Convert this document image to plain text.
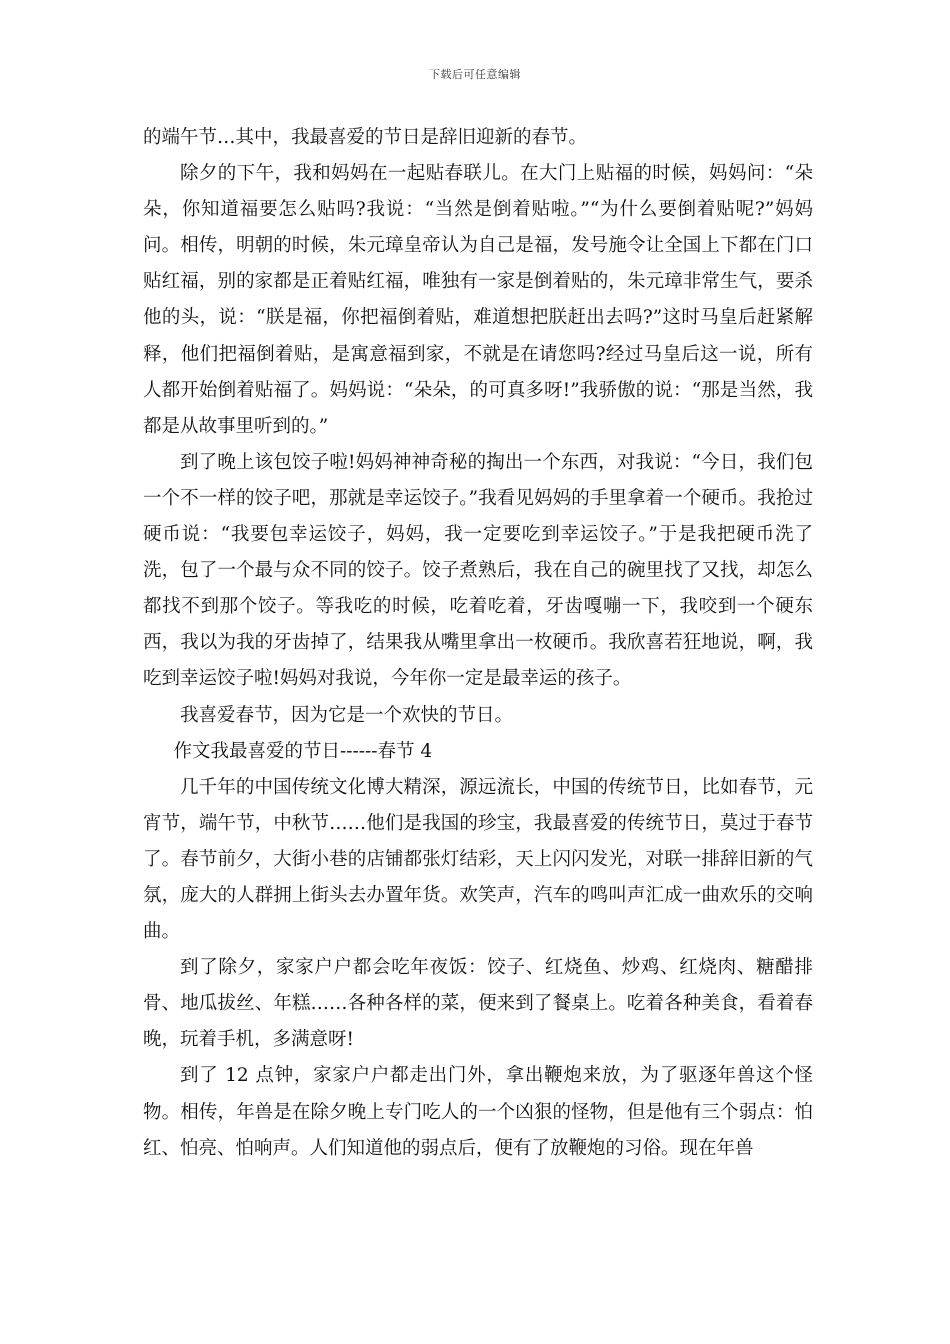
下载后可任意编辑

的端午节…其中，我最喜爱的节日是辞旧迎新的春节。

除夕的下午，我和妈妈在一起贴春联儿。在大门上贴福的时候，妈妈问：“朵朵，你知道福要怎么贴吗?我说：“当然是倒着贴啦。”“为什么要倒着贴呢?”妈妈问。相传，明朝的时候，朱元璋皇帝认为自己是福，发号施令让全国上下都在门口贴红福，别的家都是正着贴红福，唯独有一家是倒着贴的，朱元璋非常生气，要杀他的头，说：“朕是福，你把福倒着贴，难道想把朕赶出去吗?”这时马皇后赶紧解释，他们把福倒着贴，是寓意福到家，不就是在请您吗?经过马皇后这一说，所有人都开始倒着贴福了。妈妈说：“朵朵，的可真多呀!”我骄傲的说：“那是当然，我都是从故事里听到的。”

到了晚上该包饺子啦!妈妈神神奇秘的掏出一个东西，对我说：“今日，我们包一个不一样的饺子吧，那就是幸运饺子。”我看见妈妈的手里拿着一个硬币。我抢过硬币说：“我要包幸运饺子，妈妈，我一定要吃到幸运饺子。”于是我把硬币洗了洗，包了一个最与众不同的饺子。饺子煮熟后，我在自己的碗里找了又找，却怎么都找不到那个饺子。等我吃的时候，吃着吃着，牙齿嘎嘣一下，我咬到一个硬东西，我以为我的牙齿掉了，结果我从嘴里拿出一枚硬币。我欣喜若狂地说，啊，我吃到幸运饺子啦!妈妈对我说，今年你一定是最幸运的孩子。

我喜爱春节，因为它是一个欢快的节日。

作文我最喜爱的节日------春节 4

几千年的中国传统文化博大精深，源远流长，中国的传统节日，比如春节，元宵节，端午节，中秋节……他们是我国的珍宝，我最喜爱的传统节日，莫过于春节了。春节前夕，大街小巷的店铺都张灯结彩，天上闪闪发光，对联一排辞旧新的气氛，庞大的人群拥上街头去办置年货。欢笑声，汽车的鸣叫声汇成一曲欢乐的交响曲。

到了除夕，家家户户都会吃年夜饭：饺子、红烧鱼、炒鸡、红烧肉、糖醋排骨、地瓜拔丝、年糕……各种各样的菜，便来到了餐桌上。吃着各种美食，看着春晚，玩着手机，多满意呀!

到了 12 点钟，家家户户都走出门外，拿出鞭炮来放，为了驱逐年兽这个怪物。相传，年兽是在除夕晚上专门吃人的一个凶狠的怪物，但是他有三个弱点：怕红、怕亮、怕响声。人们知道他的弱点后，便有了放鞭炮的习俗。现在年兽
